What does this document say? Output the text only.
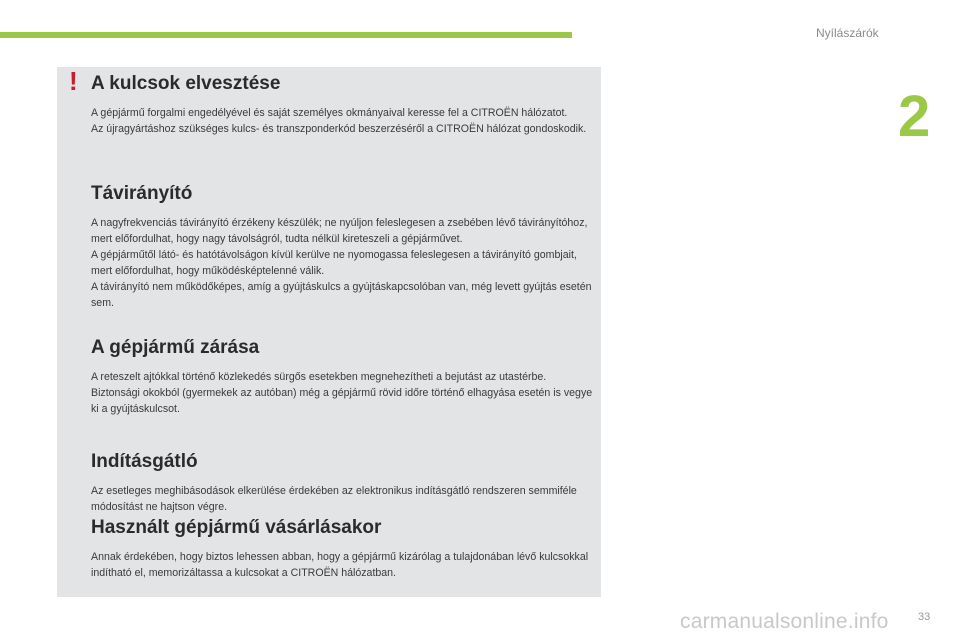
Nyílászárók
2
! A kulcsok elvesztése

A gépjármű forgalmi engedélyével és saját személyes okmányaival keresse fel a CITROËN hálózatot.

Az újragyártáshoz szükséges kulcs- és transzponderkód beszerzéséről a CITROËN hálózat gondoskodik.

Távirányító

A nagyfrekvenciás távirányító érzékeny készülék; ne nyúljon feleslegesen a zsebében lévő távirányítóhoz, mert előfordulhat, hogy nagy távolságról, tudta nélkül kireteszeli a gépjárművet.

A gépjárműtől látó- és hatótávolságon kívül kerülve ne nyomogassa feleslegesen a távirányító gombjait, mert előfordulhat, hogy működésképtelenné válik.

A távirányító nem működőképes, amíg a gyújtáskulcs a gyújtáskapcsolóban van, még levett gyújtás esetén sem.

A gépjármű zárása

A reteszelt ajtókkal történő közlekedés sürgős esetekben megnehezítheti a bejutást az utastérbe.

Biztonsági okokból (gyermekek az autóban) még a gépjármű rövid időre történő elhagyása esetén is vegye ki a gyújtáskulcsot.

Indításgátló

Az esetleges meghibásodások elkerülése érdekében az elektronikus indításgátló rendszeren semmiféle módosítást ne hajtson végre.

Használt gépjármű vásárlásakor

Annak érdekében, hogy biztos lehessen abban, hogy a gépjármű kizárólag a tulajdonában lévő kulcsokkal indítható el, memorizáltassa a kulcsokat a CITROËN hálózatban.

33
carmanualsonline.info
